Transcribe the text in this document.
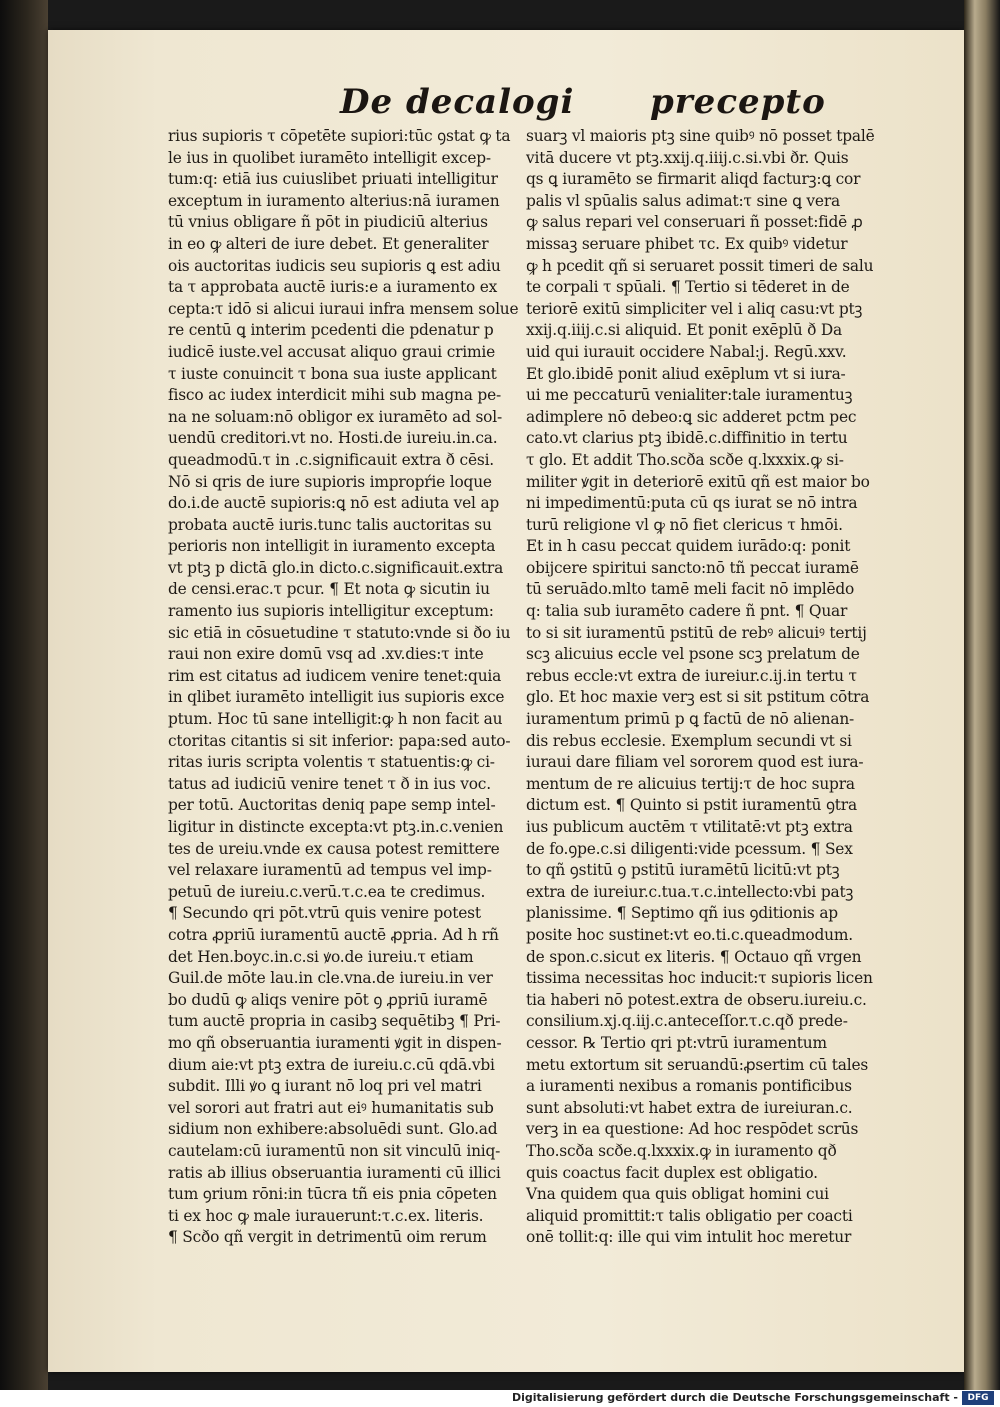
De decalogi precepto
rius supioris τ cōpetēte supiori:tūc ꝯstat ꝙ ta
le ius in quolibet iuramēto intelligit excep-
tum:q: etiā ius cuiuslibet priuati intelligitur
exceptum in iuramento alterius:nā iuramen
tū vnius obligare ñ pōt in piudiciū alterius
in eo ꝙ alteri de iure debet. Et generaliter
ois auctoritas iudicis seu supioris ꝗ est adiu
ta τ approbata auctē iuris:e a iuramento ex
cepta:τ idō si alicui iuraui infra mensem solue
re centū ꝗ interim pcedenti die pdenatur p
iudicē iuste.vel accusat aliquo graui crimie
τ iuste conuincit τ bona sua iuste applicant
fisco ac iudex interdicit mihi sub magna pe-
na ne soluam:nō obligor ex iuramēto ad sol-
uendū creditori.vt no. Hosti.de iureiu.in.ca.
queadmodū.τ in .c.significauit extra ð cēsi.
Nō si qris de iure supioris impropŕie loque
do.i.de auctē supioris:ꝗ nō est adiuta vel ap
probata auctē iuris.tunc talis auctoritas su
perioris non intelligit in iuramento excepta
vt ptꝫ p dictā glo.in dicto.c.significauit.extra
de censi.erac.τ pcur. ¶ Et nota ꝙ sicutin iu
ramento ius supioris intelligitur exceptum:
sic etiā in cōsuetudine τ statuto:vnde si ðo iu
raui non exire domū vsq ad .xv.dies:τ inte
rim est citatus ad iudicem venire tenet:quia
in qlibet iuramēto intelligit ius supioris exce
ptum. Hoc tū sane intelligit:ꝙ h non facit au
ctoritas citantis si sit inferior: papa:sed auto-
ritas iuris scripta volentis τ statuentis:ꝙ ci-
tatus ad iudiciū venire tenet τ ð in ius voc.
per totū. Auctoritas deniq pape semp intel-
ligitur in distincte excepta:vt ptꝫ.in.c.venien
tes de ureiu.vnde ex causa potest remittere
vel relaxare iuramentū ad tempus vel imp-
petuū de iureiu.c.verū.τ.c.ea te credimus.
¶ Secundo qri pōt.vtrū quis venire potest
cotra ꝓpriū iuramentū auctē ꝓpria. Ad h rñ
det Hen.boyc.in.c.si ꝟo.de iureiu.τ etiam
Guil.de mōte lau.in cle.vna.de iureiu.in ver
bo dudū ꝙ aliqs venire pōt ꝯ ꝓpriū iuramē
tum auctē propria in casibꝫ sequētibꝫ ¶ Pri-
mo qñ obseruantia iuramenti ꝟgit in dispen-
dium aie:vt ptꝫ extra de iureiu.c.cū qdā.vbi
subdit. Illi ꝟo ꝗ iurant nō loq pri vel matri
vel sorori aut fratri aut eiꝰ humanitatis sub
sidium non exhibere:absoluēdi sunt. Glo.ad
cautelam:cū iuramentū non sit vinculū iniq-
ratis ab illius obseruantia iuramenti cū illici
tum ꝯrium rōni:in tūcra tñ eis pnia cōpeten
ti ex hoc ꝙ male iurauerunt:τ.c.ex. literis.
¶ Scðo qñ vergit in detrimentū oim rerum
suarꝫ vl maioris ptꝫ sine quibꝰ nō posset tpalē
vitā ducere vt ptꝫ.xxij.q.iiij.c.si.vbi ðr. Quis
qs ꝗ iuramēto se firmarit aliqd facturꝫ:ꝗ cor
palis vl spūalis salus adimat:τ sine ꝗ vera
ꝙ salus repari vel conseruari ñ posset:fidē ꝓ
missaꝫ seruare phibet τc. Ex quibꝰ videtur
ꝙ h pcedit qñ si seruaret possit timeri de salu
te corpali τ spūali. ¶ Tertio si tēderet in de
teriorē exitū simpliciter vel i aliq casu:vt ptꝫ
xxij.q.iiij.c.si aliquid. Et ponit exēplū ð Da
uid qui iurauit occidere Nabal:j. Regū.xxv.
Et glo.ibidē ponit aliud exēplum vt si iura-
ui me peccaturū venialiter:tale iuramentuꝫ
adimplere nō debeo:ꝗ sic adderet pctm pec
cato.vt clarius ptꝫ ibidē.c.diffinitio in tertu
τ glo. Et addit Tho.scða scðe q.lxxxix.ꝙ si-
militer ꝟgit in deteriorē exitū qñ est maior bo
ni impedimentū:puta cū qs iurat se nō intra
turū religione vl ꝙ nō fiet clericus τ hmōi.
Et in h casu peccat quidem iurādo:q: ponit
obijcere spiritui sancto:nō tñ peccat iuramē
tū seruādo.mlto tamē meli facit nō implēdo
q: talia sub iuramēto cadere ñ pnt. ¶ Quar
to si sit iuramentū pstitū de rebꝰ alicuiꝰ tertij
scꝫ alicuius eccle vel psone scꝫ prelatum de
rebus eccle:vt extra de iureiur.c.ij.in tertu τ
glo. Et hoc maxie verꝫ est si sit pstitum cōtra
iuramentum primū p ꝗ factū de nō alienan-
dis rebus ecclesie. Exemplum secundi vt si
iuraui dare filiam vel sororem quod est iura-
mentum de re alicuius tertij:τ de hoc supra
dictum est. ¶ Quinto si pstit iuramentū ꝯtra
ius publicum auctēm τ vtilitatē:vt ptꝫ extra
de fo.ꝯpe.c.si diligenti:vide pcessum. ¶ Sex
to qñ ꝯstitū ꝯ pstitū iuramētū licitū:vt ptꝫ
extra de iureiur.c.tua.τ.c.intellecto:vbi patꝫ
planissime. ¶ Septimo qñ ius ꝯditionis ap
posite hoc sustinet:vt eo.ti.c.queadmodum.
de spon.c.sicut ex literis. ¶ Octauo qñ vrgen
tissima necessitas hoc inducit:τ supioris licen
tia haberi nō potest.extra de obseru.iureiu.c.
consilium.xj.q.iij.c.anteceſſor.τ.c.qð prede-
cessor. ℞ Tertio qri pt:vtrū iuramentum
metu extortum sit seruandū:ꝓsertim cū tales
a iuramenti nexibus a romanis pontificibus
sunt absoluti:vt habet extra de iureiuran.c.
verꝫ in ea questione: Ad hoc respōdet scrūs
Tho.scða scðe.q.lxxxix.ꝙ in iuramento qð
quis coactus facit duplex est obligatio.
Vna quidem qua quis obligat homini cui
aliquid promittit:τ talis obligatio per coacti
onē tollit:q: ille qui vim intulit hoc meretur
Digitalisierung gefördert durch die Deutsche Forschungsgemeinschaft -	DFG
